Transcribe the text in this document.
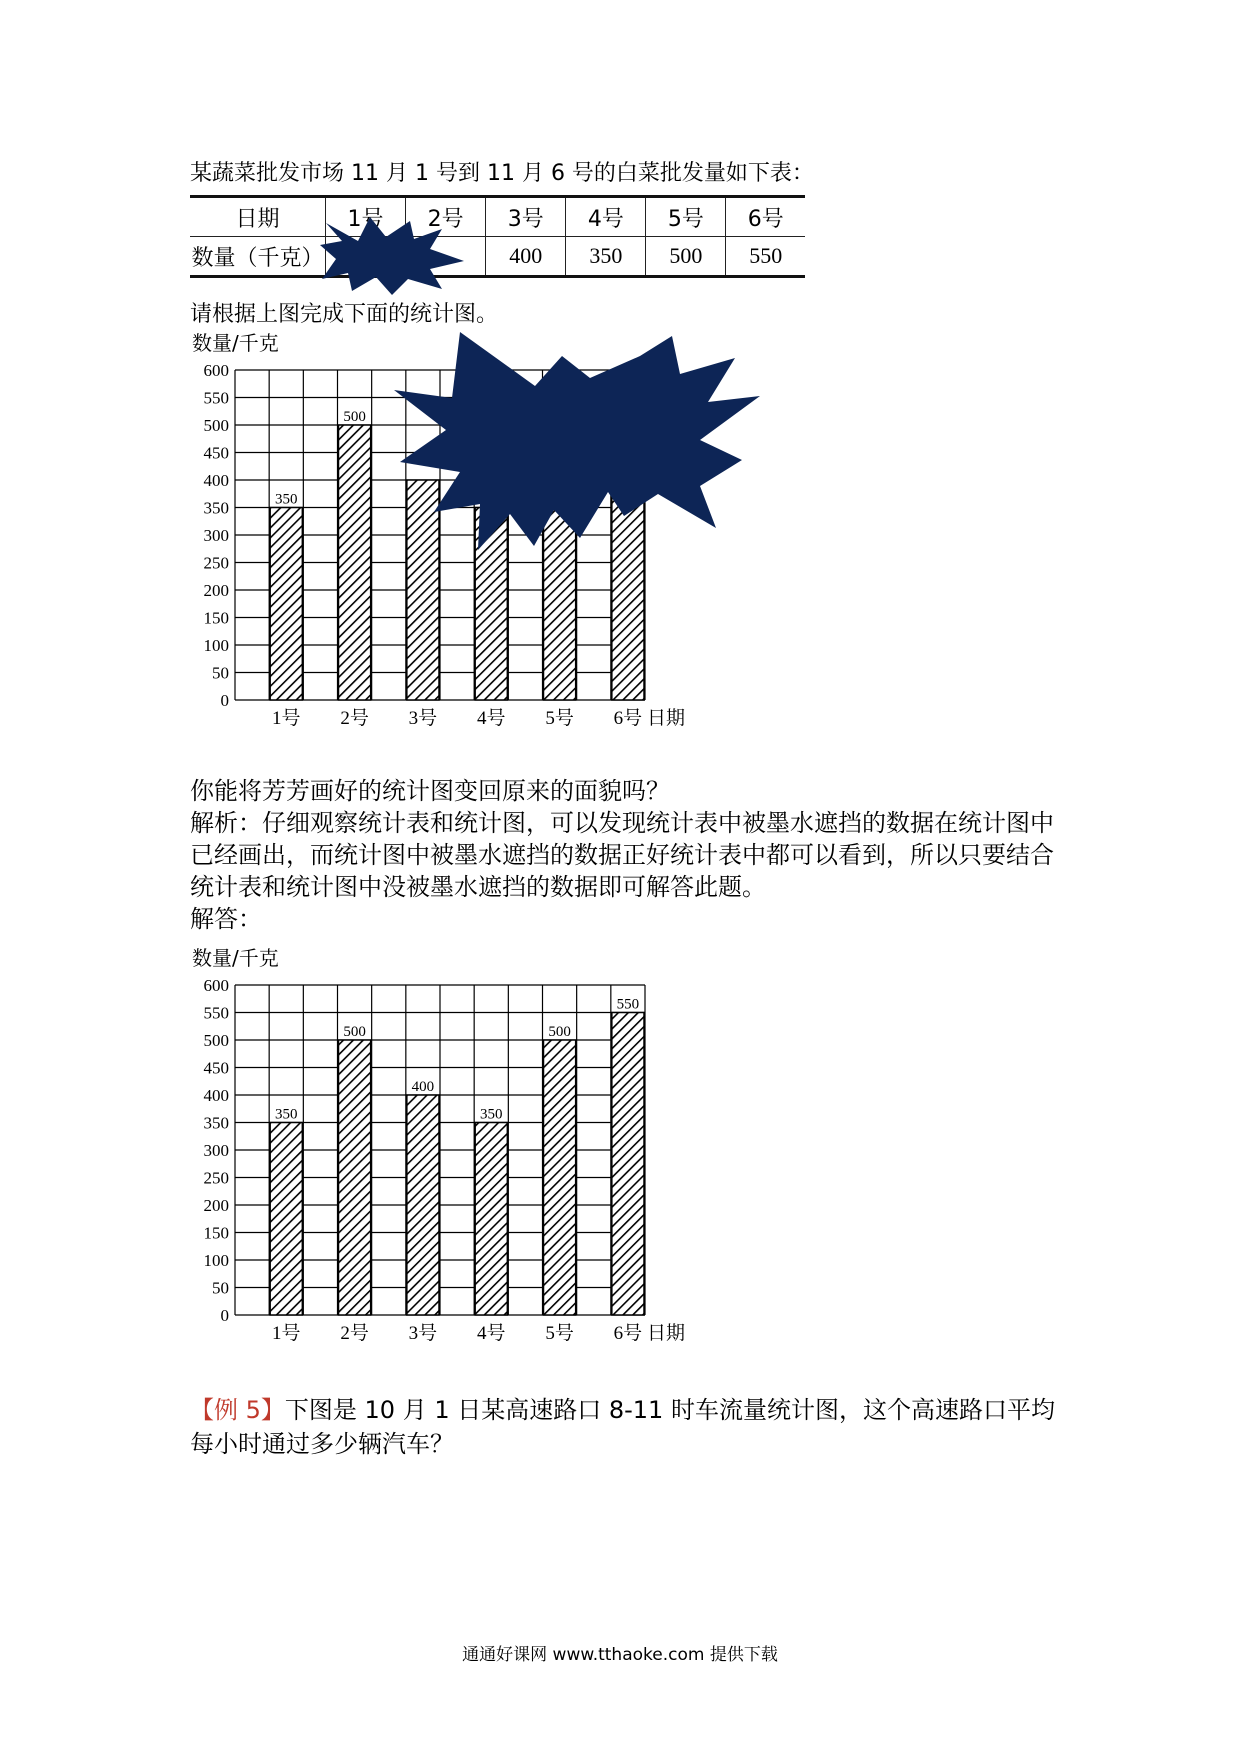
某蔬菜批发市场 11 月 1 号到 11 月 6 号的白菜批发量如下表：
日期	1号	2号	3号	4号	5号	6号
数量（千克）			400	350	500	550
请根据上图完成下面的统计图。
数量/千克
0
50
100
150
200
250
300
350
400
450
500
550
600
350
1号
500
2号 3号 4号 5号 6号 日期

你能将芳芳画好的统计图变回原来的面貌吗？

解析：仔细观察统计表和统计图，可以发现统计表中被墨水遮挡的数据在统计图中已经画出，而统计图中被墨水遮挡的数据正好统计表中都可以看到，所以只要结合统计表和统计图中没被墨水遮挡的数据即可解答此题。

解答：

数量/千克
0
50
100
150
200
250
300
350
400
450
500
550
600
350
1号
500
2号
400
3号
350
4号
500
5号
550
6号 日期
【例 5】下图是 10 月 1 日某高速路口 8-11 时车流量统计图，这个高速路口平均每小时通过多少辆汽车？
通通好课网 www.tthaoke.com 提供下载
